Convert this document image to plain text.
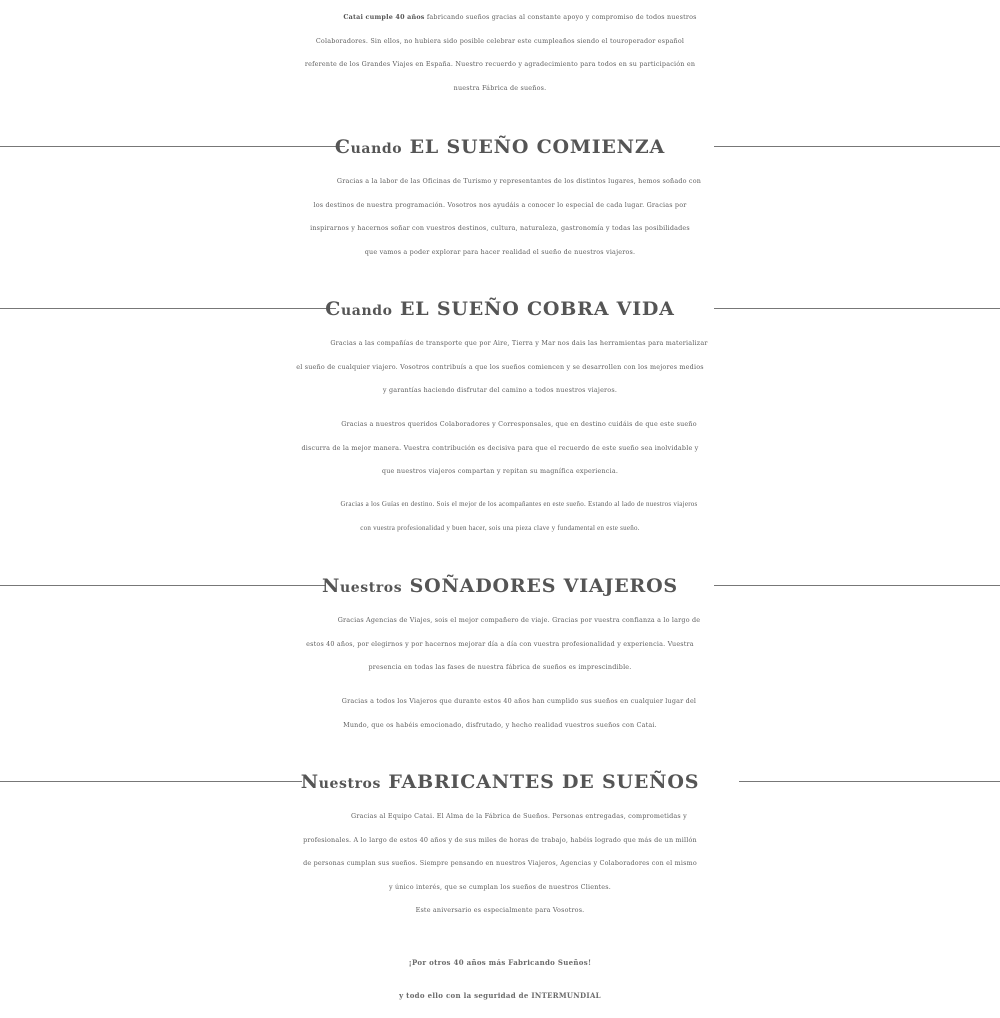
Catai cumple 40 años fabricando sueños gracias al constante apoyo y compromiso de todos nuestros
Colaboradores. Sin ellos, no hubiera sido posible celebrar este cumpleaños siendo el touroperador español
referente de los Grandes Viajes en España. Nuestro recuerdo y agradecimiento para todos en su participación en
nuestra Fábrica de sueños.

Cuando EL SUEÑO COMIENZA

Gracias a la labor de las Oficinas de Turismo y representantes de los distintos lugares, hemos soñado con
los destinos de nuestra programación. Vosotros nos ayudáis a conocer lo especial de cada lugar. Gracias por
inspirarnos y hacernos soñar con vuestros destinos, cultura, naturaleza, gastronomía y todas las posibilidades
que vamos a poder explorar para hacer realidad el sueño de nuestros viajeros.

Cuando EL SUEÑO COBRA VIDA

Gracias a las compañías de transporte que por Aire, Tierra y Mar nos dais las herramientas para materializar
el sueño de cualquier viajero. Vosotros contribuís a que los sueños comiencen y se desarrollen con los mejores medios
y garantías haciendo disfrutar del camino a todos nuestros viajeros.

Gracias a nuestros queridos Colaboradores y Corresponsales, que en destino cuidáis de que este sueño
discurra de la mejor manera. Vuestra contribución es decisiva para que el recuerdo de este sueño sea inolvidable y
que nuestros viajeros compartan y repitan su magnífica experiencia.

Gracias a los Guías en destino. Sois el mejor de los acompañantes en este sueño. Estando al lado de nuestros viajeros
con vuestra profesionalidad y buen hacer, sois una pieza clave y fundamental en este sueño.

Nuestros SOÑADORES VIAJEROS

Gracias Agencias de Viajes, sois el mejor compañero de viaje. Gracias por vuestra confianza a lo largo de
estos 40 años, por elegirnos y por hacernos mejorar día a día con vuestra profesionalidad y experiencia. Vuestra
presencia en todas las fases de nuestra fábrica de sueños es imprescindible.

Gracias a todos los Viajeros que durante estos 40 años han cumplido sus sueños en cualquier lugar del
Mundo, que os habéis emocionado, disfrutado, y hecho realidad vuestros sueños con Catai.

Nuestros FABRICANTES DE SUEÑOS

Gracias al Equipo Catai. El Alma de la Fábrica de Sueños. Personas entregadas, comprometidas y
profesionales. A lo largo de estos 40 años y de sus miles de horas de trabajo, habéis logrado que más de un millón
de personas cumplan sus sueños. Siempre pensando en nuestros Viajeros, Agencias y Colaboradores con el mismo
y único interés, que se cumplan los sueños de nuestros Clientes.
Este aniversario es especialmente para Vosotros.

¡Por otros 40 años más Fabricando Sueños!
y todo ello con la seguridad de INTERMUNDIAL
